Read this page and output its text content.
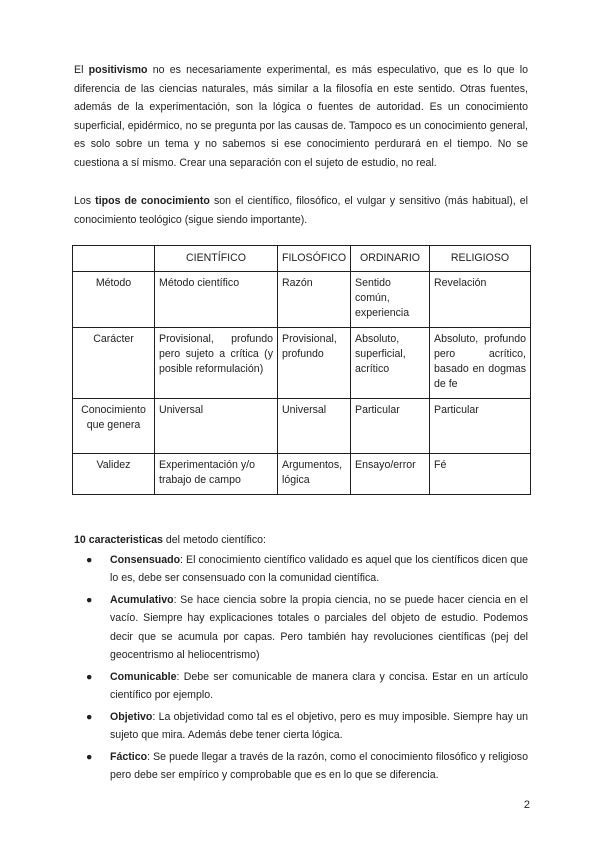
El positivismo no es necesariamente experimental, es más especulativo, que es lo que lo diferencia de las ciencias naturales, más similar a la filosofía en este sentido. Otras fuentes, además de la experimentación, son la lógica o fuentes de autoridad. Es un conocimiento superficial, epidérmico, no se pregunta por las causas de. Tampoco es un conocimiento general, es solo sobre un tema y no sabemos si ese conocimiento perdurará en el tiempo. No se cuestiona a sí mismo. Crear una separación con el sujeto de estudio, no real.

Los tipos de conocimiento son el científico, filosófico, el vulgar y sensitivo (más habitual), el conocimiento teológico (sigue siendo importante).

	CIENTÍFICO	FILOSÓFICO	ORDINARIO	RELIGIOSO
Método	Método científico	Razón	Sentido común, experiencia	Revelación
Carácter	Provisional, profundo pero sujeto a crítica (y posible reformulación)	Provisional, profundo	Absoluto, superficial, acrítico	Absoluto, profundo pero acrítico, basado en dogmas de fe
Conocimiento que genera	Universal	Universal	Particular	Particular
Validez	Experimentación y/o trabajo de campo	Argumentos, lógica	Ensayo/error	Fé

10 caracteristicas del metodo científico:

● Consensuado: El conocimiento científico validado es aquel que los científicos dicen que lo es, debe ser consensuado con la comunidad científica.
● Acumulativo: Se hace ciencia sobre la propia ciencia, no se puede hacer ciencia en el vacío. Siempre hay explicaciones totales o parciales del objeto de estudio. Podemos decir que se acumula por capas. Pero también hay revoluciones científicas (pej del geocentrismo al heliocentrismo)
● Comunicable: Debe ser comunicable de manera clara y concisa. Estar en un artículo científico por ejemplo.
● Objetivo: La objetividad como tal es el objetivo, pero es muy imposible. Siempre hay un sujeto que mira. Además debe tener cierta lógica.
● Fáctico: Se puede llegar a través de la razón, como el conocimiento filosófico y religioso pero debe ser empírico y comprobable que es en lo que se diferencia.
2
